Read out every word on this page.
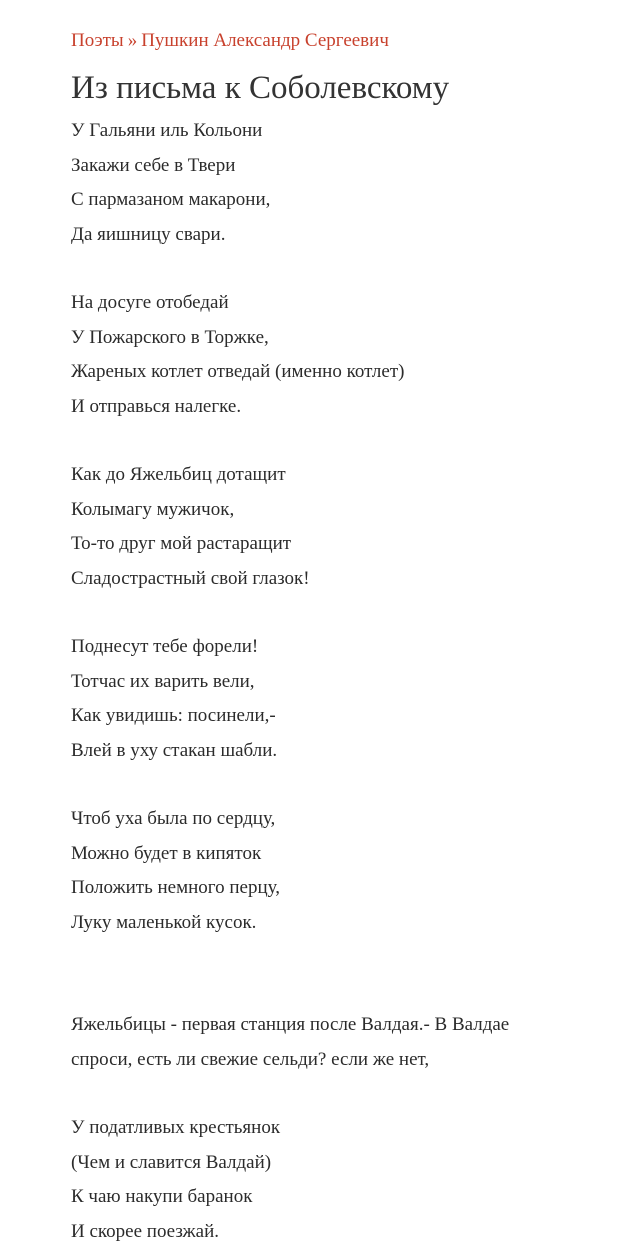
Поэты » Пушкин Александр Сергеевич
Из письма к Соболевскому

У Гальяни иль Кольони
Закажи себе в Твери
С пармазаном макарони,
Да яишницу свари.

На досуге отобедай
У Пожарского в Торжке,
Жареных котлет отведай (именно котлет)
И отправься налегке.

Как до Яжельбиц дотащит
Колымагу мужичок,
То-то друг мой растаращит
Сладострастный свой глазок!

Поднесут тебе форели!
Тотчас их варить вели,
Как увидишь: посинели,-
Влей в уху стакан шабли.

Чтоб уха была по сердцу,
Можно будет в кипяток
Положить немного перцу,
Луку маленькой кусок.

Яжельбицы - первая станция после Валдая.- В Валдае
спроси, есть ли свежие сельди? если же нет,

У податливых крестьянок
(Чем и славится Валдай)
К чаю накупи баранок
И скорее поезжай.
